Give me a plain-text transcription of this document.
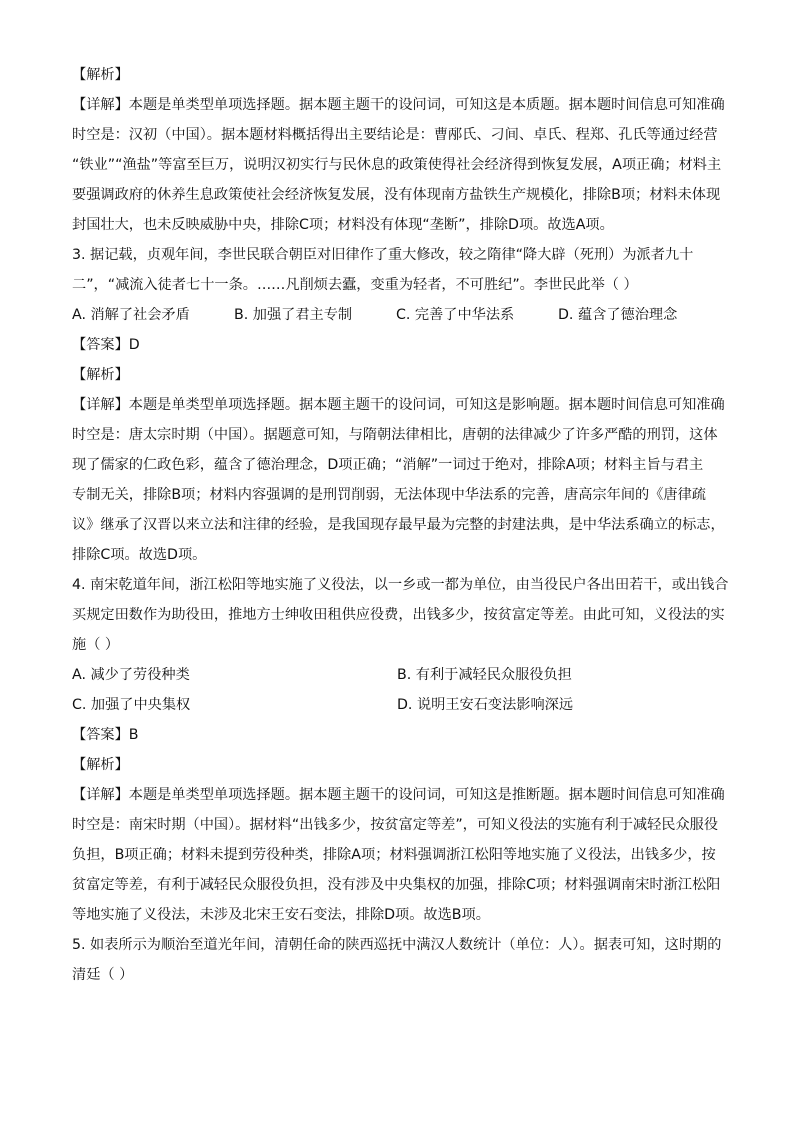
【解析】
【详解】本题是单类型单项选择题。据本题主题干的设问词，可知这是本质题。据本题时间信息可知准确
时空是：汉初（中国）。据本题材料概括得出主要结论是：曹邴氏、刁间、卓氏、程郑、孔氏等通过经营
“铁业”“渔盐”等富至巨万，说明汉初实行与民休息的政策使得社会经济得到恢复发展，A项正确；材料主
要强调政府的休养生息政策使社会经济恢复发展，没有体现南方盐铁生产规模化，排除B项；材料未体现
封国壮大，也未反映威胁中央，排除C项；材料没有体现“垄断”，排除D项。故选A项。
3. 据记载，贞观年间，李世民联合朝臣对旧律作了重大修改，较之隋律“降大辟（死刑）为派者九十
二”，“减流入徒者七十一条。……凡削烦去蠹，变重为轻者，不可胜纪”。李世民此举（ ）
A. 消解了社会矛盾	B. 加强了君主专制	C. 完善了中华法系	D. 蕴含了德治理念
【答案】D
【解析】
【详解】本题是单类型单项选择题。据本题主题干的设问词，可知这是影响题。据本题时间信息可知准确
时空是：唐太宗时期（中国）。据题意可知，与隋朝法律相比，唐朝的法律减少了许多严酷的刑罚，这体
现了儒家的仁政色彩，蕴含了德治理念，D项正确；“消解”一词过于绝对，排除A项；材料主旨与君主
专制无关，排除B项；材料内容强调的是刑罚削弱，无法体现中华法系的完善，唐高宗年间的《唐律疏
议》继承了汉晋以来立法和注律的经验，是我国现存最早最为完整的封建法典，是中华法系确立的标志，
排除C项。故选D项。
4. 南宋乾道年间，浙江松阳等地实施了义役法，以一乡或一都为单位，由当役民户各出田若干，或出钱合
买规定田数作为助役田，推地方士绅收田租供应役费，出钱多少，按贫富定等差。由此可知，义役法的实
施（ ）
A. 减少了劳役种类	B. 有利于减轻民众服役负担
C. 加强了中央集权	D. 说明王安石变法影响深远
【答案】B
【解析】
【详解】本题是单类型单项选择题。据本题主题干的设问词，可知这是推断题。据本题时间信息可知准确
时空是：南宋时期（中国）。据材料“出钱多少，按贫富定等差”，可知义役法的实施有利于减轻民众服役
负担，B项正确；材料未提到劳役种类，排除A项；材料强调浙江松阳等地实施了义役法，出钱多少，按
贫富定等差，有利于减轻民众服役负担，没有涉及中央集权的加强，排除C项；材料强调南宋时浙江松阳
等地实施了义役法，未涉及北宋王安石变法，排除D项。故选B项。
5. 如表所示为顺治至道光年间，清朝任命的陕西巡抚中满汉人数统计（单位：人）。据表可知，这时期的
清廷（ ）
